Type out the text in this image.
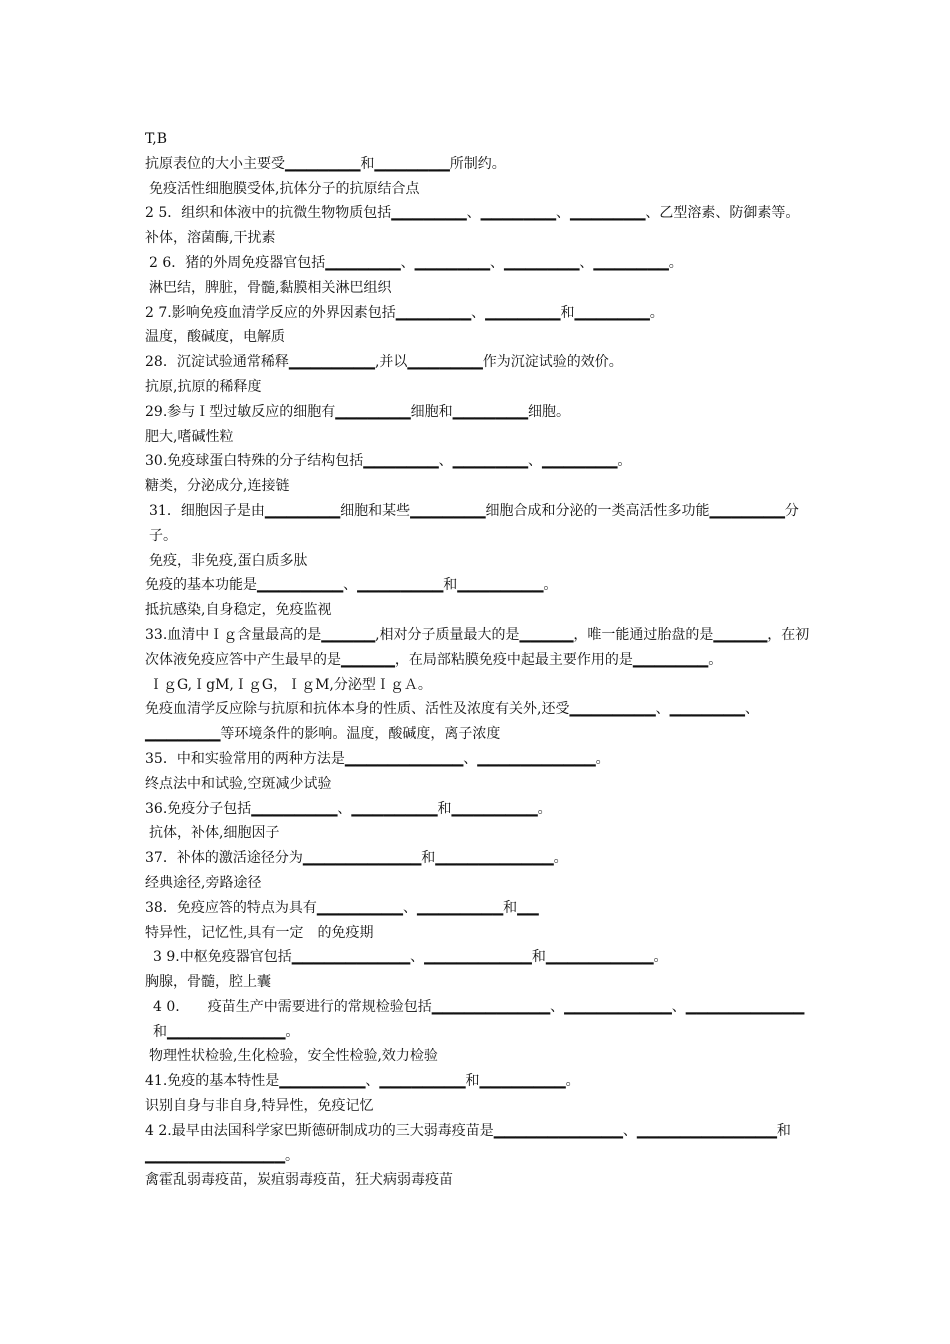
T,B

抗原表位的大小主要受▁▁▁▁▁▁▁和▁▁▁▁▁▁▁所制约。

免疫活性细胞膜受体,抗体分子的抗原结合点

2 5．组织和体液中的抗微生物物质包括▁▁▁▁▁▁▁、▁▁▁▁▁▁▁、▁▁▁▁▁▁▁、乙型溶素、防御素等。　补体，溶菌酶,干扰素

2 6．猪的外周免疫器官包括▁▁▁▁▁▁▁、▁▁▁▁▁▁▁、▁▁▁▁▁▁▁、▁▁▁▁▁▁▁。

淋巴结，脾脏，骨髓,黏膜相关淋巴组织

2 7.影响免疫血清学反应的外界因素包括▁▁▁▁▁▁▁、▁▁▁▁▁▁▁和▁▁▁▁▁▁▁。

温度，酸碱度，电解质

28．沉淀试验通常稀释▁▁▁▁▁▁▁▁,并以▁▁▁▁▁▁▁作为沉淀试验的效价。

抗原,抗原的稀释度

29.参与Ｉ型过敏反应的细胞有▁▁▁▁▁▁▁细胞和▁▁▁▁▁▁▁细胞。

肥大,嗜碱性粒

30.免疫球蛋白特殊的分子结构包括▁▁▁▁▁▁▁、▁▁▁▁▁▁▁、▁▁▁▁▁▁▁。

糖类，分泌成分,连接链

31．细胞因子是由▁▁▁▁▁▁▁细胞和某些▁▁▁▁▁▁▁细胞合成和分泌的一类高活性多功能▁▁▁▁▁▁▁分子。

免疫，非免疫,蛋白质多肽

免疫的基本功能是▁▁▁▁▁▁▁▁、▁▁▁▁▁▁▁▁和▁▁▁▁▁▁▁▁。

抵抗感染,自身稳定，免疫监视

33.血清中Ｉｇ含量最高的是▁▁▁▁▁,相对分子质量最大的是▁▁▁▁▁，唯一能通过胎盘的是▁▁▁▁▁，在初次体液免疫应答中产生最早的是▁▁▁▁▁，在局部粘膜免疫中起最主要作用的是▁▁▁▁▁▁▁。

ＩｇG,ＩgM,ＩｇG，ＩｇM,分泌型ＩｇＡ。

免疫血清学反应除与抗原和抗体本身的性质、活性及浓度有关外,还受▁▁▁▁▁▁▁▁、▁▁▁▁▁▁▁、▁▁▁▁▁▁▁等环境条件的影响。温度，酸碱度，离子浓度

35．中和实验常用的两种方法是▁▁▁▁▁▁▁▁▁▁▁、▁▁▁▁▁▁▁▁▁▁▁。

终点法中和试验,空斑减少试验

36.免疫分子包括▁▁▁▁▁▁▁▁、▁▁▁▁▁▁▁▁和▁▁▁▁▁▁▁▁。

抗体，补体,细胞因子

37．补体的激活途径分为▁▁▁▁▁▁▁▁▁▁▁和▁▁▁▁▁▁▁▁▁▁▁。

经典途径,旁路途径

38．免疫应答的特点为具有▁▁▁▁▁▁▁▁、▁▁▁▁▁▁▁▁和▁▁

特异性，记忆性,具有一定　的免疫期

3 9.中枢免疫器官包括▁▁▁▁▁▁▁▁▁▁▁、▁▁▁▁▁▁▁▁▁▁和▁▁▁▁▁▁▁▁▁▁。

胸腺，骨髓，腔上囊

4 0.　　疫苗生产中需要进行的常规检验包括▁▁▁▁▁▁▁▁▁▁▁、▁▁▁▁▁▁▁▁▁▁、▁▁▁▁▁▁▁▁▁▁▁和▁▁▁▁▁▁▁▁▁▁▁。

物理性状检验,生化检验，安全性检验,效力检验

41.免疫的基本特性是▁▁▁▁▁▁▁▁、▁▁▁▁▁▁▁▁和▁▁▁▁▁▁▁▁。

识别自身与非自身,特异性，免疫记忆

4 2.最早由法国科学家巴斯德研制成功的三大弱毒疫苗是▁▁▁▁▁▁▁▁▁▁▁▁、▁▁▁▁▁▁▁▁▁▁▁▁▁和▁▁▁▁▁▁▁▁▁▁▁▁▁。

禽霍乱弱毒疫苗，炭疽弱毒疫苗，狂犬病弱毒疫苗
